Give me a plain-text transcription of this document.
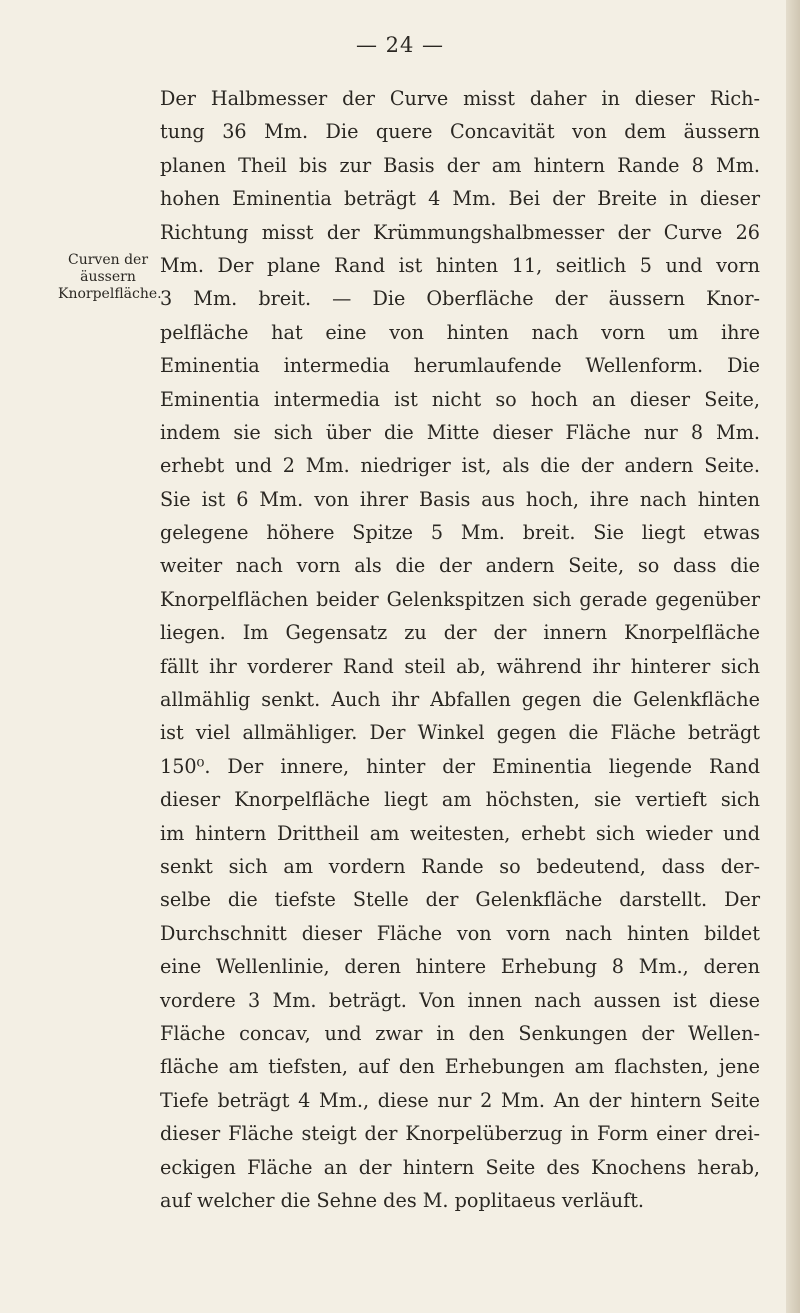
— 24 —
Curven der
äussern
Knorpelfläche.
Der Halbmesser der Curve misst daher in dieser Rich-
tung 36 Mm. Die quere Concavität von dem äussern
planen Theil bis zur Basis der am hintern Rande 8 Mm.
hohen Eminentia beträgt 4 Mm. Bei der Breite in dieser
Richtung misst der Krümmungshalbmesser der Curve 26
Mm. Der plane Rand ist hinten 11, seitlich 5 und vorn
3 Mm. breit. — Die Oberfläche der äussern Knor-
pelfläche hat eine von hinten nach vorn um ihre
Eminentia intermedia herumlaufende Wellenform. Die
Eminentia intermedia ist nicht so hoch an dieser Seite,
indem sie sich über die Mitte dieser Fläche nur 8 Mm.
erhebt und 2 Mm. niedriger ist, als die der andern Seite.
Sie ist 6 Mm. von ihrer Basis aus hoch, ihre nach hinten
gelegene höhere Spitze 5 Mm. breit. Sie liegt etwas
weiter nach vorn als die der andern Seite, so dass die
Knorpelflächen beider Gelenkspitzen sich gerade gegenüber
liegen. Im Gegensatz zu der der innern Knorpelfläche
fällt ihr vorderer Rand steil ab, während ihr hinterer sich
allmählig senkt. Auch ihr Abfallen gegen die Gelenkfläche
ist viel allmähliger. Der Winkel gegen die Fläche beträgt
150⁰. Der innere, hinter der Eminentia liegende Rand
dieser Knorpelfläche liegt am höchsten, sie vertieft sich
im hintern Drittheil am weitesten, erhebt sich wieder und
senkt sich am vordern Rande so bedeutend, dass der-
selbe die tiefste Stelle der Gelenkfläche darstellt. Der
Durchschnitt dieser Fläche von vorn nach hinten bildet
eine Wellenlinie, deren hintere Erhebung 8 Mm., deren
vordere 3 Mm. beträgt. Von innen nach aussen ist diese
Fläche concav, und zwar in den Senkungen der Wellen-
fläche am tiefsten, auf den Erhebungen am flachsten, jene
Tiefe beträgt 4 Mm., diese nur 2 Mm. An der hintern Seite
dieser Fläche steigt der Knorpelüberzug in Form einer drei-
eckigen Fläche an der hintern Seite des Knochens herab,
auf welcher die Sehne des M. poplitaeus verläuft.
